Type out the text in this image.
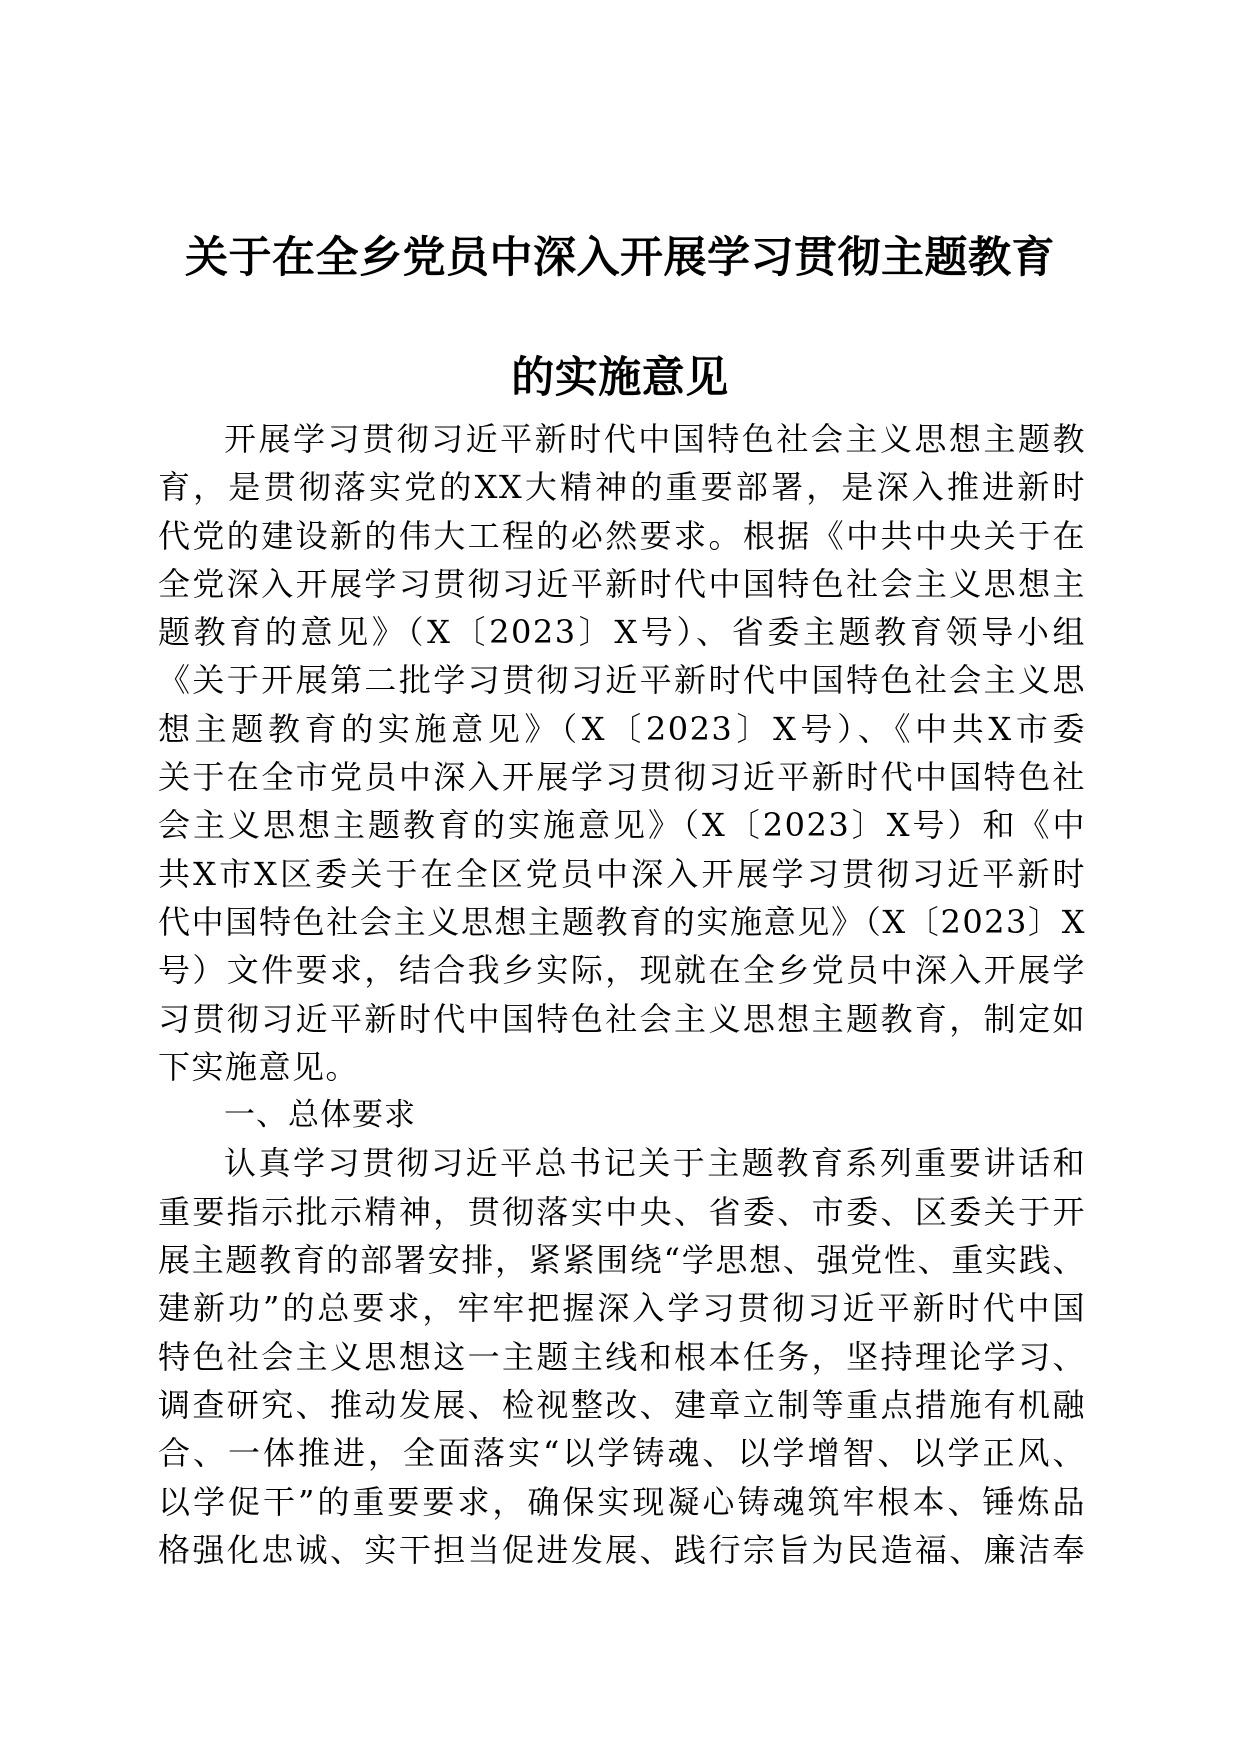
关于在全乡党员中深入开展学习贯彻主题教育
的实施意见
开展学习贯彻习近平新时代中国特色社会主义思想主题教
育，是贯彻落实党的XX大精神的重要部署，是深入推进新时
代党的建设新的伟大工程的必然要求。根据《中共中央关于在
全党深入开展学习贯彻习近平新时代中国特色社会主义思想主
题教育的意见》（X〔2023〕X号）、省委主题教育领导小组
《关于开展第二批学习贯彻习近平新时代中国特色社会主义思
想主题教育的实施意见》（X〔2023〕X号）、《中共X市委
关于在全市党员中深入开展学习贯彻习近平新时代中国特色社
会主义思想主题教育的实施意见》（X〔2023〕X号）和《中
共X市X区委关于在全区党员中深入开展学习贯彻习近平新时
代中国特色社会主义思想主题教育的实施意见》（X〔2023〕X
号）文件要求，结合我乡实际，现就在全乡党员中深入开展学
习贯彻习近平新时代中国特色社会主义思想主题教育，制定如
下实施意见。
一、总体要求
认真学习贯彻习近平总书记关于主题教育系列重要讲话和
重要指示批示精神，贯彻落实中央、省委、市委、区委关于开
展主题教育的部署安排，紧紧围绕“学思想、强党性、重实践、
建新功”的总要求，牢牢把握深入学习贯彻习近平新时代中国
特色社会主义思想这一主题主线和根本任务，坚持理论学习、
调查研究、推动发展、检视整改、建章立制等重点措施有机融
合、一体推进，全面落实“以学铸魂、以学增智、以学正风、
以学促干”的重要要求，确保实现凝心铸魂筑牢根本、锤炼品
格强化忠诚、实干担当促进发展、践行宗旨为民造福、廉洁奉
